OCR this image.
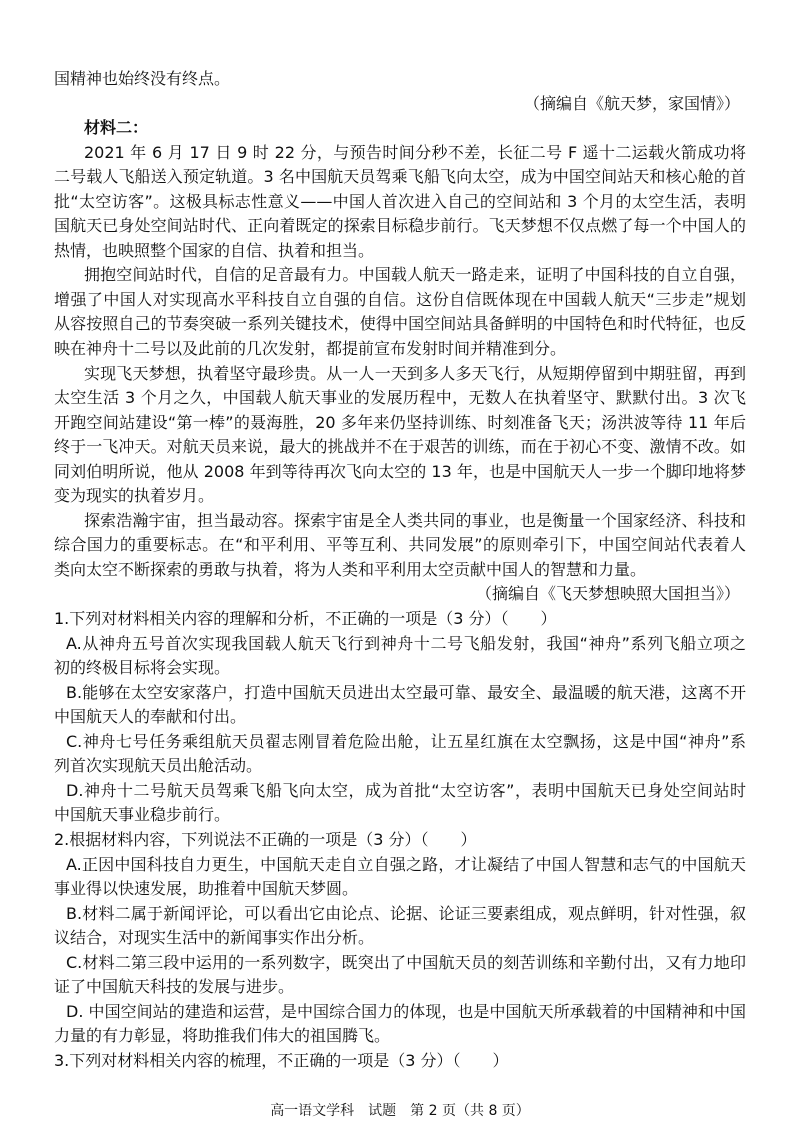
国精神也始终没有终点。
（摘编自《航天梦，家国情》）
材料二：
2021 年 6 月 17 日 9 时 22 分，与预告时间分秒不差，长征二号 F 遥十二运载火箭成功将
二号载人飞船送入预定轨道。3 名中国航天员驾乘飞船飞向太空，成为中国空间站天和核心舱的首
批“太空访客”。这极具标志性意义——中国人首次进入自己的空间站和 3 个月的太空生活，表明
国航天已身处空间站时代、正向着既定的探索目标稳步前行。飞天梦想不仅点燃了每一个中国人的
热情，也映照整个国家的自信、执着和担当。
拥抱空间站时代，自信的足音最有力。中国载人航天一路走来，证明了中国科技的自立自强，
增强了中国人对实现高水平科技自立自强的自信。这份自信既体现在中国载人航天“三步走”规划
从容按照自己的节奏突破一系列关键技术，使得中国空间站具备鲜明的中国特色和时代特征，也反
映在神舟十二号以及此前的几次发射，都提前宣布发射时间并精准到分。
实现飞天梦想，执着坚守最珍贵。从一人一天到多人多天飞行，从短期停留到中期驻留，再到
太空生活 3 个月之久，中国载人航天事业的发展历程中，无数人在执着坚守、默默付出。3 次飞
开跑空间站建设“第一棒”的聂海胜，20 多年来仍坚持训练、时刻准备飞天；汤洪波等待 11 年后
终于一飞冲天。对航天员来说，最大的挑战并不在于艰苦的训练，而在于初心不变、激情不改。如
同刘伯明所说，他从 2008 年到等待再次飞向太空的 13 年，也是中国航天人一步一个脚印地将梦
变为现实的执着岁月。
探索浩瀚宇宙，担当最动容。探索宇宙是全人类共同的事业，也是衡量一个国家经济、科技和
综合国力的重要标志。在“和平利用、平等互利、共同发展”的原则牵引下，中国空间站代表着人
类向太空不断探索的勇敢与执着，将为人类和平利用太空贡献中国人的智慧和力量。
（摘编自《飞天梦想映照大国担当》）
1.下列对材料相关内容的理解和分析，不正确的一项是（3 分）（　　）
A.从神舟五号首次实现我国载人航天飞行到神舟十二号飞船发射，我国“神舟”系列飞船立项之
初的终极目标将会实现。
B.能够在太空安家落户，打造中国航天员进出太空最可靠、最安全、最温暖的航天港，这离不开
中国航天人的奉献和付出。
C.神舟七号任务乘组航天员翟志刚冒着危险出舱，让五星红旗在太空飘扬，这是中国“神舟”系
列首次实现航天员出舱活动。
D.神舟十二号航天员驾乘飞船飞向太空，成为首批“太空访客”，表明中国航天已身处空间站时
中国航天事业稳步前行。
2.根据材料内容，下列说法不正确的一项是（3 分）（　　）
A.正因中国科技自力更生，中国航天走自立自强之路，才让凝结了中国人智慧和志气的中国航天
事业得以快速发展，助推着中国航天梦圆。
B.材料二属于新闻评论，可以看出它由论点、论据、论证三要素组成，观点鲜明，针对性强，叙
议结合，对现实生活中的新闻事实作出分析。
C.材料二第三段中运用的一系列数字，既突出了中国航天员的刻苦训练和辛勤付出，又有力地印
证了中国航天科技的发展与进步。
D. 中国空间站的建造和运营，是中国综合国力的体现，也是中国航天所承载着的中国精神和中国
力量的有力彰显，将助推我们伟大的祖国腾飞。
3.下列对材料相关内容的梳理，不正确的一项是（3 分）（　　）
高一语文学科　试题　第 2 页（共 8 页）
